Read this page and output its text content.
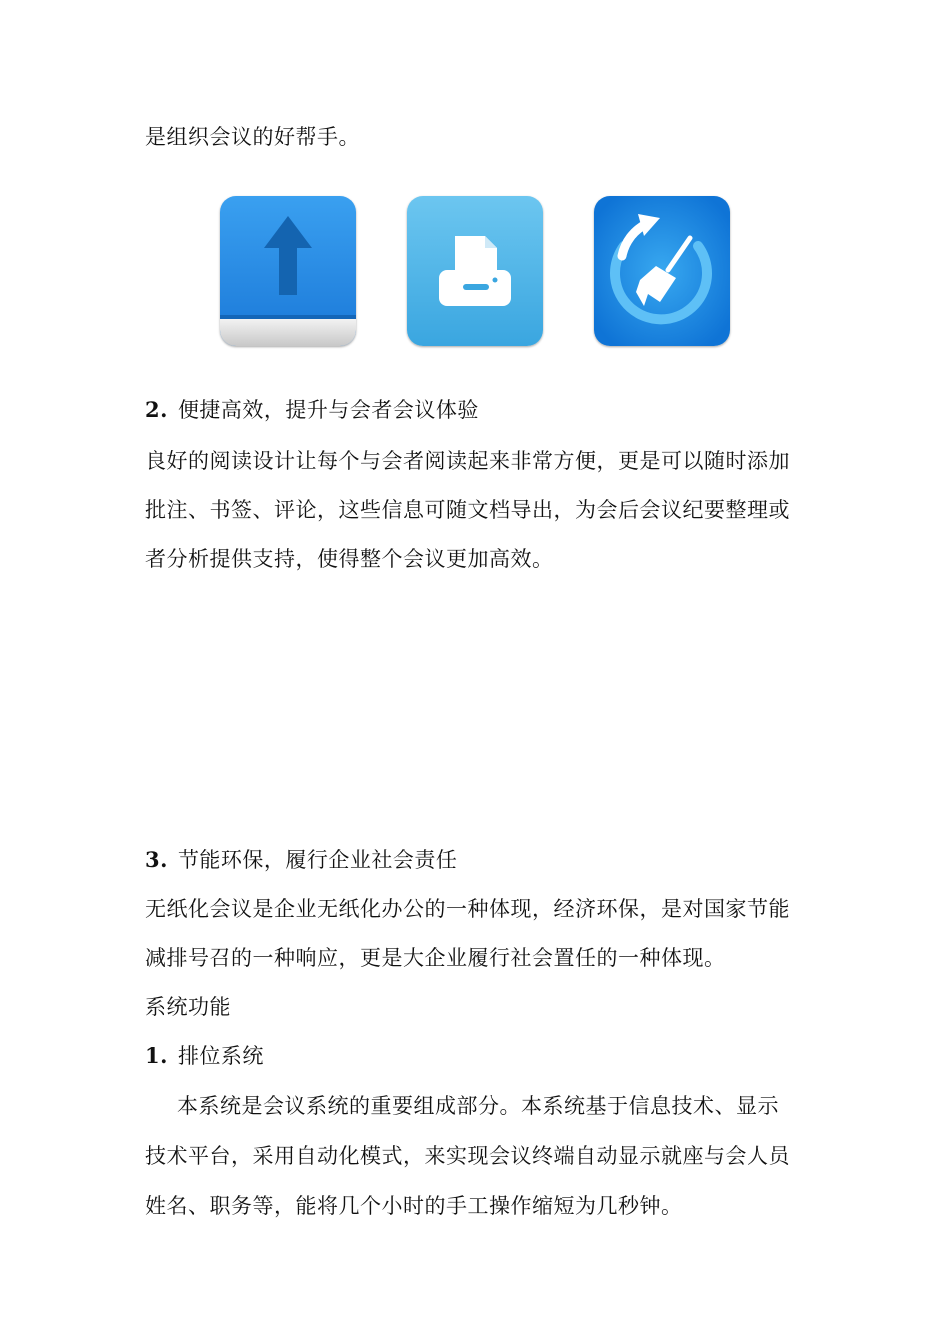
是组织会议的好帮手。
2. 便捷高效，提升与会者会议体验
良好的阅读设计让每个与会者阅读起来非常方便，更是可以随时添加
批注、书签、评论，这些信息可随文档导出，为会后会议纪要整理或
者分析提供支持，使得整个会议更加高效。
3. 节能环保，履行企业社会责任
无纸化会议是企业无纸化办公的一种体现，经济环保，是对国家节能
减排号召的一种响应，更是大企业履行社会置任的一种体现。
系统功能
1. 排位系统
本系统是会议系统的重要组成部分。本系统基于信息技术、显示
技术平台，采用自动化模式，来实现会议终端自动显示就座与会人员
姓名、职务等，能将几个小时的手工操作缩短为几秒钟。
